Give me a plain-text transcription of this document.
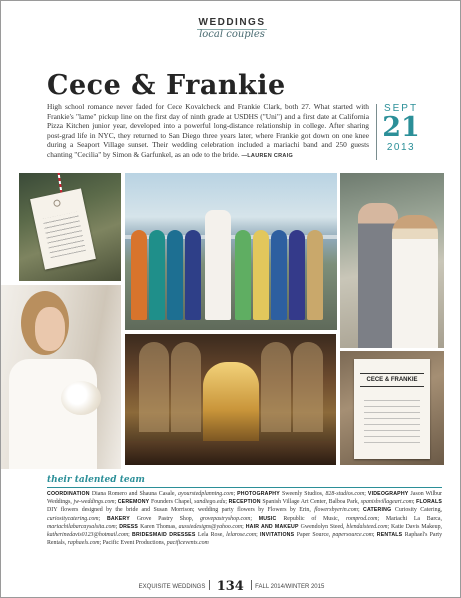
WEDDINGS
local couples
Cece & Frankie
High school romance never faded for Cece Kovalcheck and Frankie Clark, both 27. What started with Frankie's "lame" pickup line on the first day of ninth grade at USDHS ("Uni") and a first date at California Pizza Kitchen junior year, developed into a powerful long-distance relationship in college. After sharing post-grad life in NYC, they returned to San Diego three years later, where Frankie got down on one knee during a Seaport Village sunset. Their wedding celebration included a mariachi band and 250 guests chanting "Cecilia" by Simon & Garfunkel, as an ode to the bride. —LAUREN CRAIG
SEPT
21
2013
CECE & FRANKIE
their talented team
COORDINATION Diana Romero and Shauna Casale, ayourstedplanning.com; PHOTOGRAPHY Sweenly Studios, 828-studios.com; VIDEOGRAPHY Jason Wilbur Weddings, jw-weddings.com; CEREMONY Founders Chapel, sandiego.edu; RECEPTION Spanish Village Art Center, Balboa Park, spanishvillageart.com; FLORALS DIY flowers designed by the bride and Susan Morrison; wedding party flowers by Flowers by Erin, flowersbyerin.com; CATERING Curiosity Catering, curiositycatering.com; BAKERY Grove Pastry Shop, grovepastryshop.com; MUSIC Republic of Music, romprod.com; Mariachi La Barca, mariachilabarcaysalsita.com; DRESS Karen Thomas, aussiedesigns@yahoo.com; HAIR AND MAKEUP Gwendolyn Steed, blendalsteed.com; Katie Davis Makeup, katherinedavis0123@hotmail.com; BRIDESMAID DRESSES Lela Rose, lelarose.com; INVITATIONS Paper Source, papersource.com; RENTALS Raphael's Party Rentals, raphaels.com; Pacific Event Productions, pacificevents.com
EXQUISITE WEDDINGS 134 FALL 2014/WINTER 2015
